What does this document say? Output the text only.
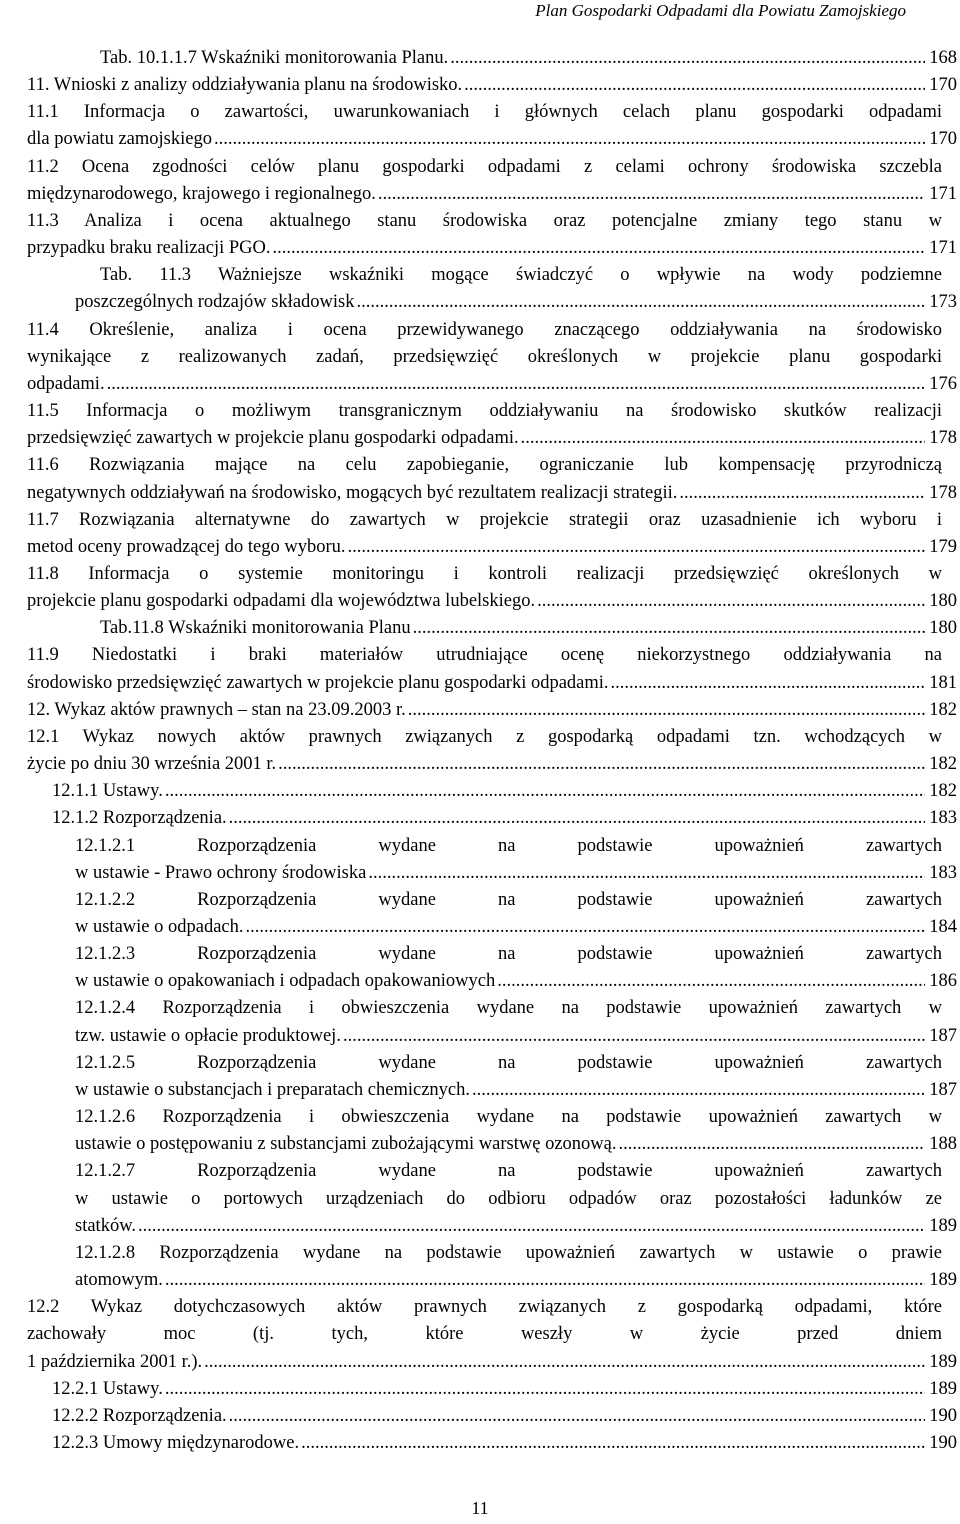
Plan Gospodarki Odpadami dla Powiatu Zamojskiego
Tab. 10.1.1.7 Wskaźniki monitorowania Planu. .....	168
11. Wnioski z analizy oddziaływania planu na środowisko. .....	170
11.1 Informacja o zawartości, uwarunkowaniach i głównych celach planu gospodarki odpadami
dla powiatu zamojskiego .....	170
11.2 Ocena zgodności celów planu gospodarki odpadami z celami ochrony środowiska szczebla
międzynarodowego, krajowego i regionalnego. .....	171
11.3 Analiza i ocena aktualnego stanu środowiska oraz potencjalne zmiany tego stanu w
przypadku braku realizacji PGO. .....	171
Tab. 11.3 Ważniejsze wskaźniki mogące świadczyć o wpływie na wody podziemne
poszczególnych rodzajów składowisk .....	173
11.4 Określenie, analiza i ocena przewidywanego znaczącego oddziaływania na środowisko
wynikające z realizowanych zadań, przedsięwzięć określonych w projekcie planu gospodarki
odpadami. .....	176
11.5 Informacja o możliwym transgranicznym oddziaływaniu na środowisko skutków realizacji
przedsięwzięć zawartych w projekcie planu gospodarki odpadami. .....	178
11.6 Rozwiązania mające na celu zapobieganie, ograniczanie lub kompensację przyrodniczą
negatywnych oddziaływań na środowisko, mogących być rezultatem realizacji strategii. .....	178
11.7 Rozwiązania alternatywne do zawartych w projekcie strategii oraz uzasadnienie ich wyboru i
metod oceny prowadzącej do tego wyboru. .....	179
11.8 Informacja o systemie monitoringu i kontroli realizacji przedsięwzięć określonych w
projekcie planu gospodarki odpadami dla województwa lubelskiego. .....	180
Tab.11.8 Wskaźniki monitorowania Planu .....	180
11.9 Niedostatki i braki materiałów utrudniające ocenę niekorzystnego oddziaływania na
środowisko przedsięwzięć zawartych w projekcie planu gospodarki odpadami. .....	181
12. Wykaz aktów prawnych – stan na 23.09.2003 r. .....	182
12.1 Wykaz nowych aktów prawnych związanych z gospodarką odpadami tzn. wchodzących w
życie po dniu 30 września 2001 r. .....	182
12.1.1 Ustawy. .....	182
12.1.2 Rozporządzenia. .....	183
12.1.2.1 Rozporządzenia wydane na podstawie upoważnień zawartych
w ustawie - Prawo ochrony środowiska .....	183
12.1.2.2 Rozporządzenia wydane na podstawie upoważnień zawartych
w ustawie o odpadach. .....	184
12.1.2.3 Rozporządzenia wydane na podstawie upoważnień zawartych
w ustawie o opakowaniach i odpadach opakowaniowych .....	186
12.1.2.4 Rozporządzenia i obwieszczenia wydane na podstawie upoważnień zawartych w
tzw. ustawie o opłacie produktowej. .....	187
12.1.2.5 Rozporządzenia wydane na podstawie upoważnień zawartych
w ustawie o substancjach i preparatach chemicznych. .....	187
12.1.2.6 Rozporządzenia i obwieszczenia wydane na podstawie upoważnień zawartych w
ustawie o postępowaniu z substancjami zubożającymi warstwę ozonową. .....	188
12.1.2.7 Rozporządzenia wydane na podstawie upoważnień zawartych
w ustawie o portowych urządzeniach do odbioru odpadów oraz pozostałości ładunków ze
statków. .....	189
12.1.2.8 Rozporządzenia wydane na podstawie upoważnień zawartych w ustawie o prawie
atomowym. .....	189
12.2 Wykaz dotychczasowych aktów prawnych związanych z gospodarką odpadami, które
zachowały moc (tj. tych, które weszły w życie przed dniem
1 października 2001 r.). .....	189
12.2.1 Ustawy. .....	189
12.2.2 Rozporządzenia. .....	190
12.2.3 Umowy międzynarodowe. .....	190
11
